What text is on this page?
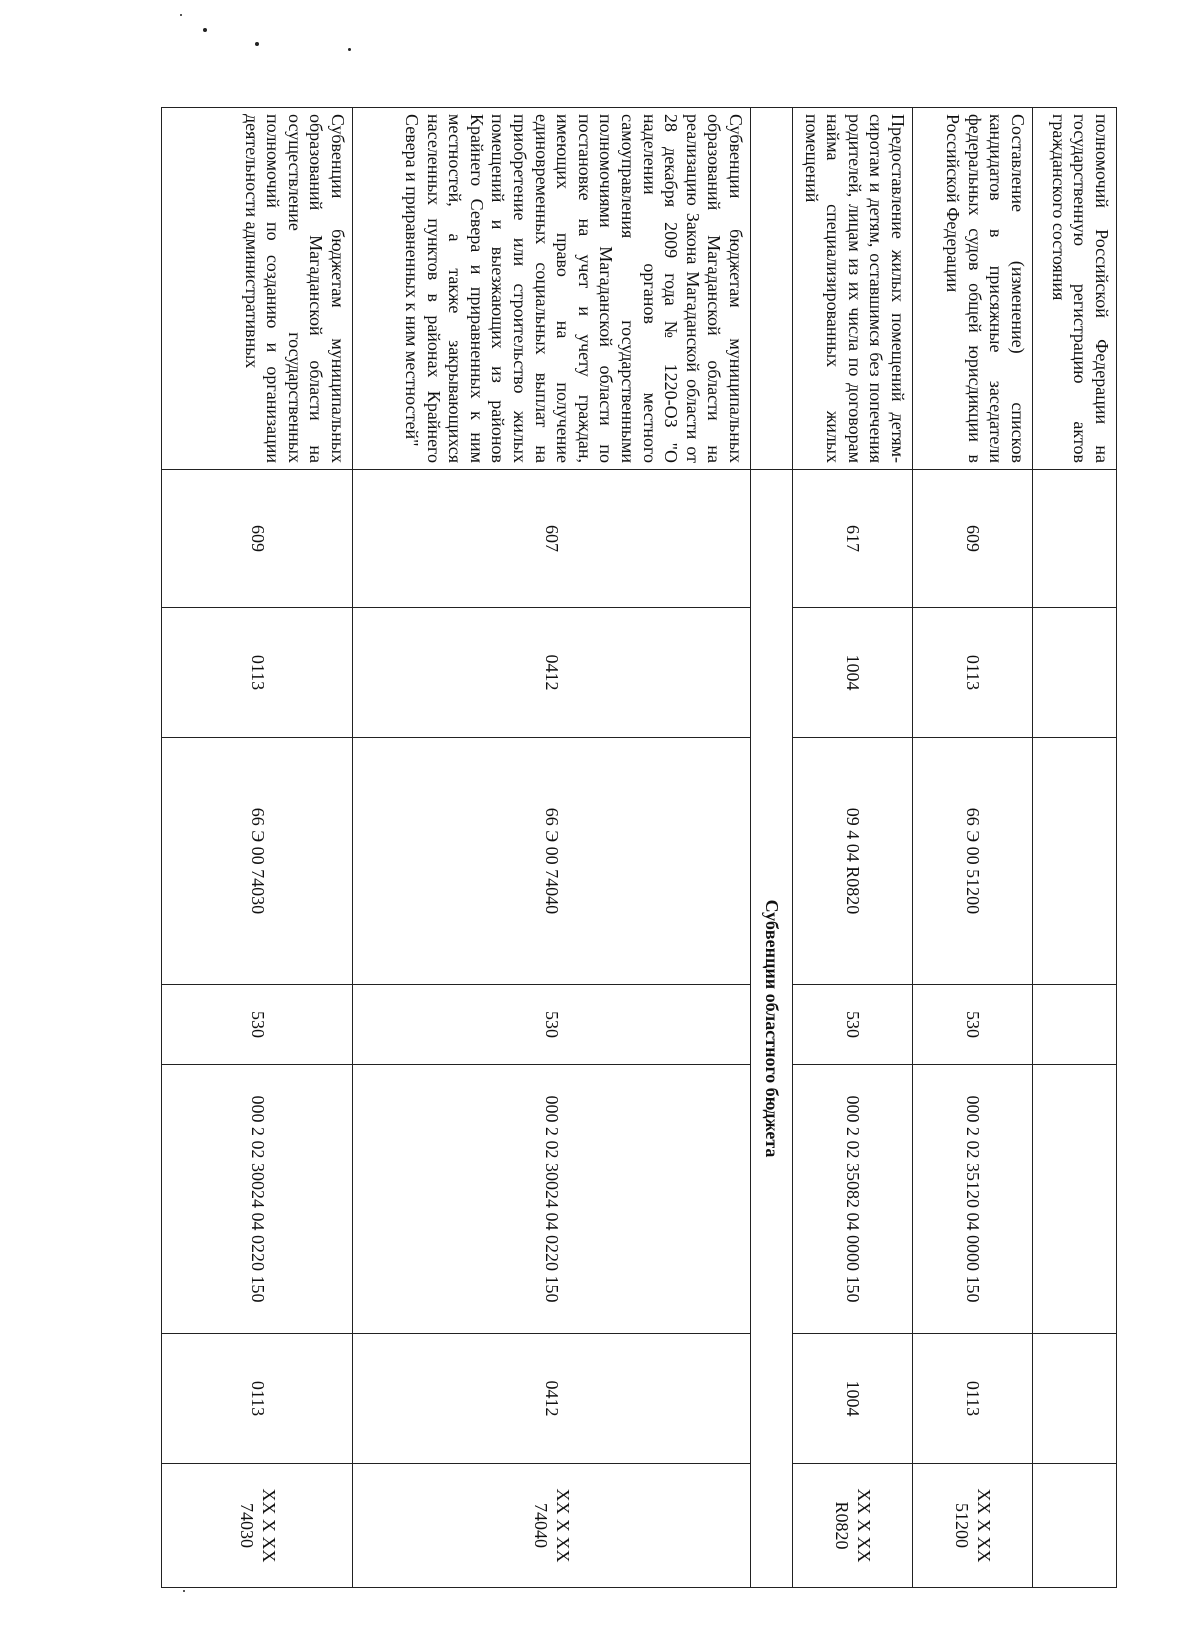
полномочий Российской Федерации на государственную регистрацию актов гражданского состояния							
Составление (изменение) списков кандидатов в присяжные заседатели федеральных судов общей юрисдикции в Российской Федерации	609	0113	66 Э 00 51200	530	000 2 02 35120 04 0000 150	0113	XX X XX 51200
Предоставление жилых помещений детям-сиротам и детям, оставшимся без попечения родителей, лицам из их числа по договорам найма специализированных жилых помещений	617	1004	09 4 04 R0820	530	000 2 02 35082 04 0000 150	1004	XX X XX R0820
	Субвенции областного бюджета						
Субвенции бюджетам муниципальных образований Магаданской области на реализацию Закона Магаданской области от 28 декабря 2009 года № 1220-ОЗ "О наделении органов местного самоуправления государственными полномочиями Магаданской области по постановке на учет и учету граждан, имеющих право на получение единовременных социальных выплат на приобретение или строительство жилых помещений и выезжающих из районов Крайнего Севера и приравненных к ним местностей, а также закрывающихся населенных пунктов в районах Крайнего Севера и приравненных к ним местностей"	607	0412	66 Э 00 74040	530	000 2 02 30024 04 0220 150	0412	XX X XX 74040
Субвенции бюджетам муниципальных образований Магаданской области на осуществление государственных полномочий по созданию и организации деятельности административных	609	0113	66 Э 00 74030	530	000 2 02 30024 04 0220 150	0113	XX X XX 74030
